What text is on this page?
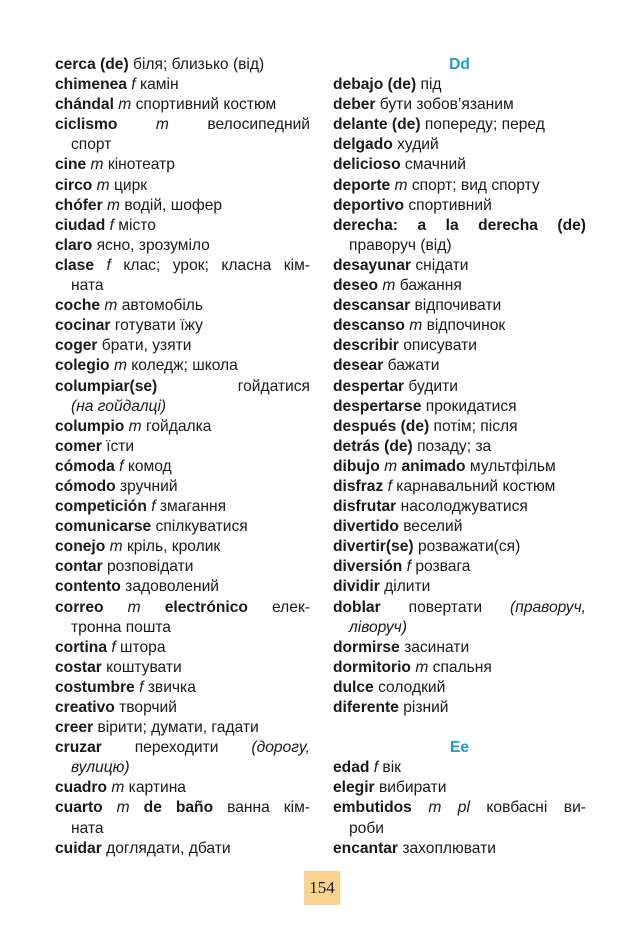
cerca (de) біля; близько (від)
chimenea f камін
chándal m спортивний костюм
ciclismo m велосипедний
спорт
cine m кінотеатр
circo m цирк
chófer m водій, шофер
ciudad f місто
claro ясно, зрозуміло
clase f клас; урок; класна кім-
ната
coche m автомобіль
cocinar готувати їжу
coger брати, узяти
colegio m коледж; школа
columpiar(se) гойдатися
(на гойдалці)
columpio m гойдалка
comer їсти
cómoda f комод
cómodo зручний
competición f змагання
comunicarse спілкуватися
conejo m кріль, кролик
contar розповідати
contento задоволений
correo m electrónico елек-
тронна пошта
cortina f штора
costar коштувати
costumbre f звичка
creativo творчий
creer вірити; думати, гадати
cruzar переходити (дорогу,
вулицю)
cuadro m картина
cuarto m de baño ванна кім-
ната
cuidar доглядати, дбати
Dd
debajo (de) під
deber бути зобов’язаним
delante (de) попереду; перед
delgado худий
delicioso смачний
deporte m спорт; вид спорту
deportivo спортивний
derecha: a la derecha (de)
праворуч (від)
desayunar снідати
deseo m бажання
descansar відпочивати
descanso m відпочинок
describir описувати
desear бажати
despertar будити
despertarse прокидатися
después (de) потім; після
detrás (de) позаду; за
dibujo m animado мультфільм
disfraz f карнавальний костюм
disfrutar насолоджуватися
divertido веселий
divertir(se) розважати(ся)
diversión f розвага
dividir ділити
doblar повертати (праворуч,
ліворуч)
dormirse засинати
dormitorio m спальня
dulce солодкий
diferente різний
Ee
edad f вік
elegir вибирати
embutidos m pl ковбасні ви-
роби
encantar захоплювати
154
